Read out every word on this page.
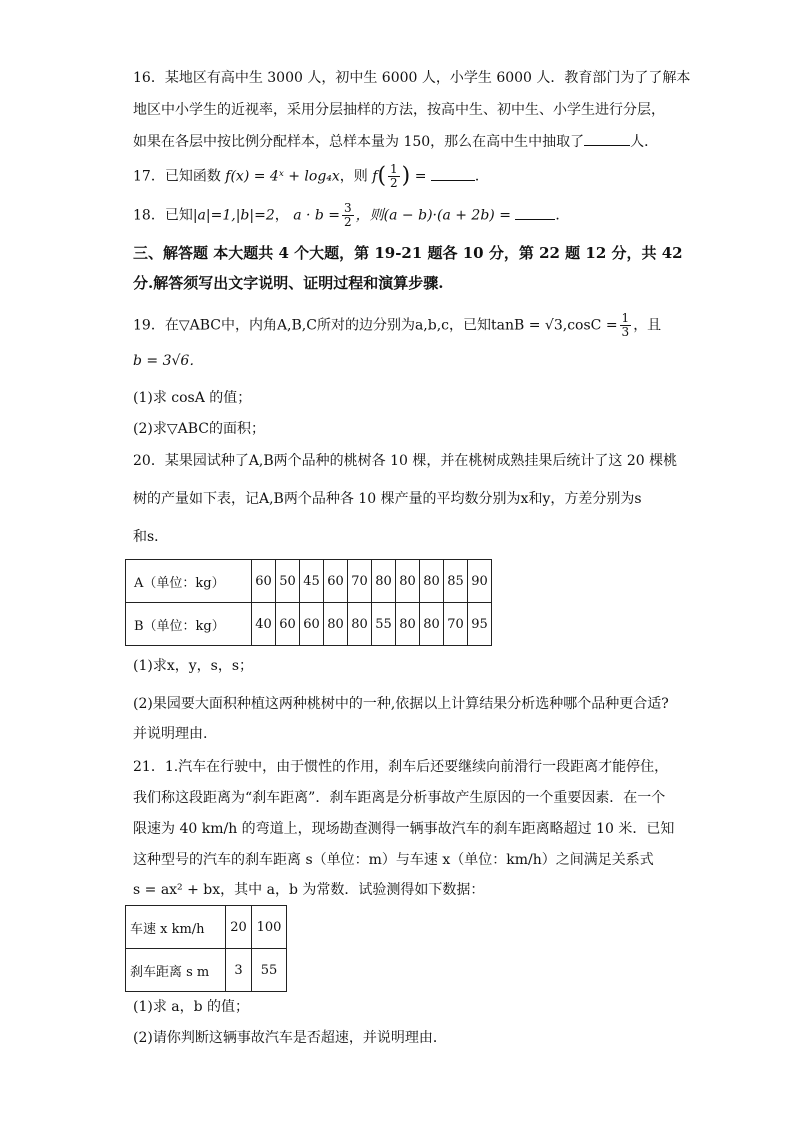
16．某地区有高中生 3000 人，初中生 6000 人，小学生 6000 人．教育部门为了了解本
地区中小学生的近视率，采用分层抽样的方法，按高中生、初中生、小学生进行分层，
如果在各层中按比例分配样本，总样本量为 150，那么在高中生中抽取了	人．
17．已知函数 f(x) = 4ˣ + log₄x，则 $f( \frac{1}{2}$ ) =	．
18．已知|a|=1,|b|=2， $a \cdot b = \frac{3}{2}$ ，则(a − b)·(a + 2b) =	．
三、解答题 本大题共 4 个大题，第 19-21 题各 10 分，第 22 题 12 分，共 42
分.解答须写出文字说明、证明过程和演算步骤.
19．在▽ABC中，内角A,B,C所对的边分别为a,b,c，已知$\tan B = √3,\cos C = \frac{1}{3}$ ，且
b = 3√6．
(1)求 cosA 的值；
(2)求▽ABC的面积；
20．某果园试种了A,B两个品种的桃树各 10 棵，并在桃树成熟挂果后统计了这 20 棵桃
树的产量如下表，记A,B两个品种各 10 棵产量的平均数分别为x和y，方差分别为s
和s．
A（单位：kg）	60	50	45	60	70	80	80	80	85	90
B（单位：kg）	40	60	60	80	80	55	80	80	70	95
(1)求x，y，s，s；
(2)果园要大面积种植这两种桃树中的一种,依据以上计算结果分析选种哪个品种更合适?
并说明理由.
21．1.汽车在行驶中，由于惯性的作用，刹车后还要继续向前滑行一段距离才能停住，
我们称这段距离为“刹车距离”．刹车距离是分析事故产生原因的一个重要因素．在一个
限速为 40 km/h 的弯道上，现场勘查测得一辆事故汽车的刹车距离略超过 10 米．已知
这种型号的汽车的刹车距离 s（单位：m）与车速 x（单位：km/h）之间满足关系式
s = ax² + bx，其中 a，b 为常数．试验测得如下数据：
车速 x km/h	20	100
刹车距离 s m	3	55
(1)求 a，b 的值；
(2)请你判断这辆事故汽车是否超速，并说明理由．
